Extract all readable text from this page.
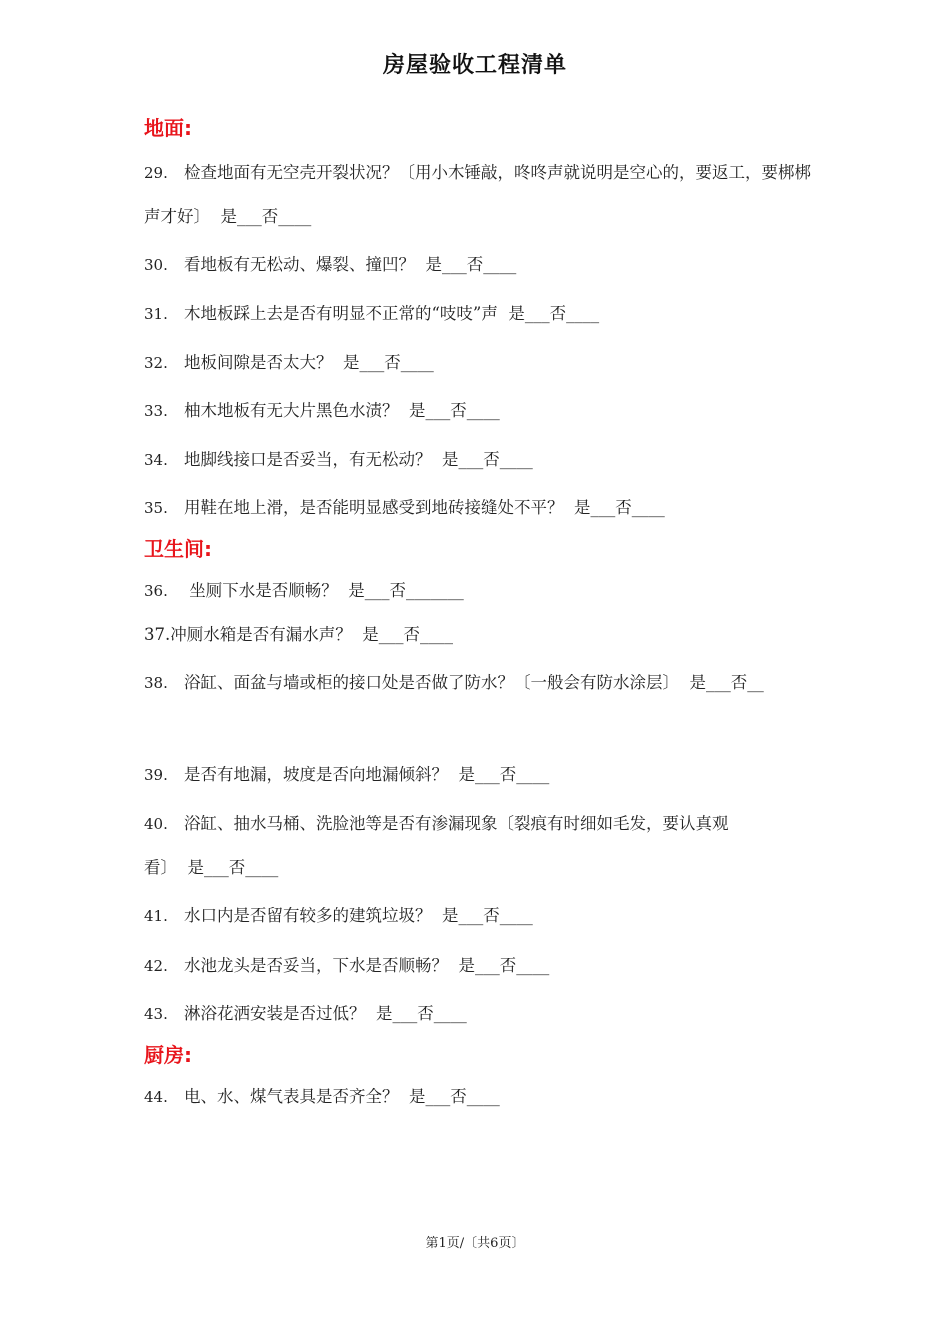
房屋验收工程清单
地面:
29. 检查地面有无空壳开裂状况？〔用小木锤敲，咚咚声就说明是空心的，要返工，要梆梆声才好〕 是___否____
30. 看地板有无松动、爆裂、撞凹？ 是___否____
31. 木地板踩上去是否有明显不正常的“吱吱”声 是___否____
32. 地板间隙是否太大？ 是___否____
33. 柚木地板有无大片黑色水渍？ 是___否____
34. 地脚线接口是否妥当，有无松动？ 是___否____
35. 用鞋在地上滑，是否能明显感受到地砖接缝处不平？ 是___否____
卫生间:
36. 坐厕下水是否顺畅？ 是___否_______
37.冲厕水箱是否有漏水声？ 是___否____
38. 浴缸、面盆与墙或柜的接口处是否做了防水？〔一般会有防水涂层〕 是___否__
39. 是否有地漏，坡度是否向地漏倾斜？ 是___否____
40. 浴缸、抽水马桶、洗脸池等是否有渗漏现象〔裂痕有时细如毛发，要认真观看〕 是___否____
41. 水口内是否留有较多的建筑垃圾？ 是___否____
42. 水池龙头是否妥当，下水是否顺畅？ 是___否____
43. 淋浴花洒安装是否过低？ 是___否____
厨房:
44. 电、水、煤气表具是否齐全？ 是___否____
第1页/〔共6页〕
